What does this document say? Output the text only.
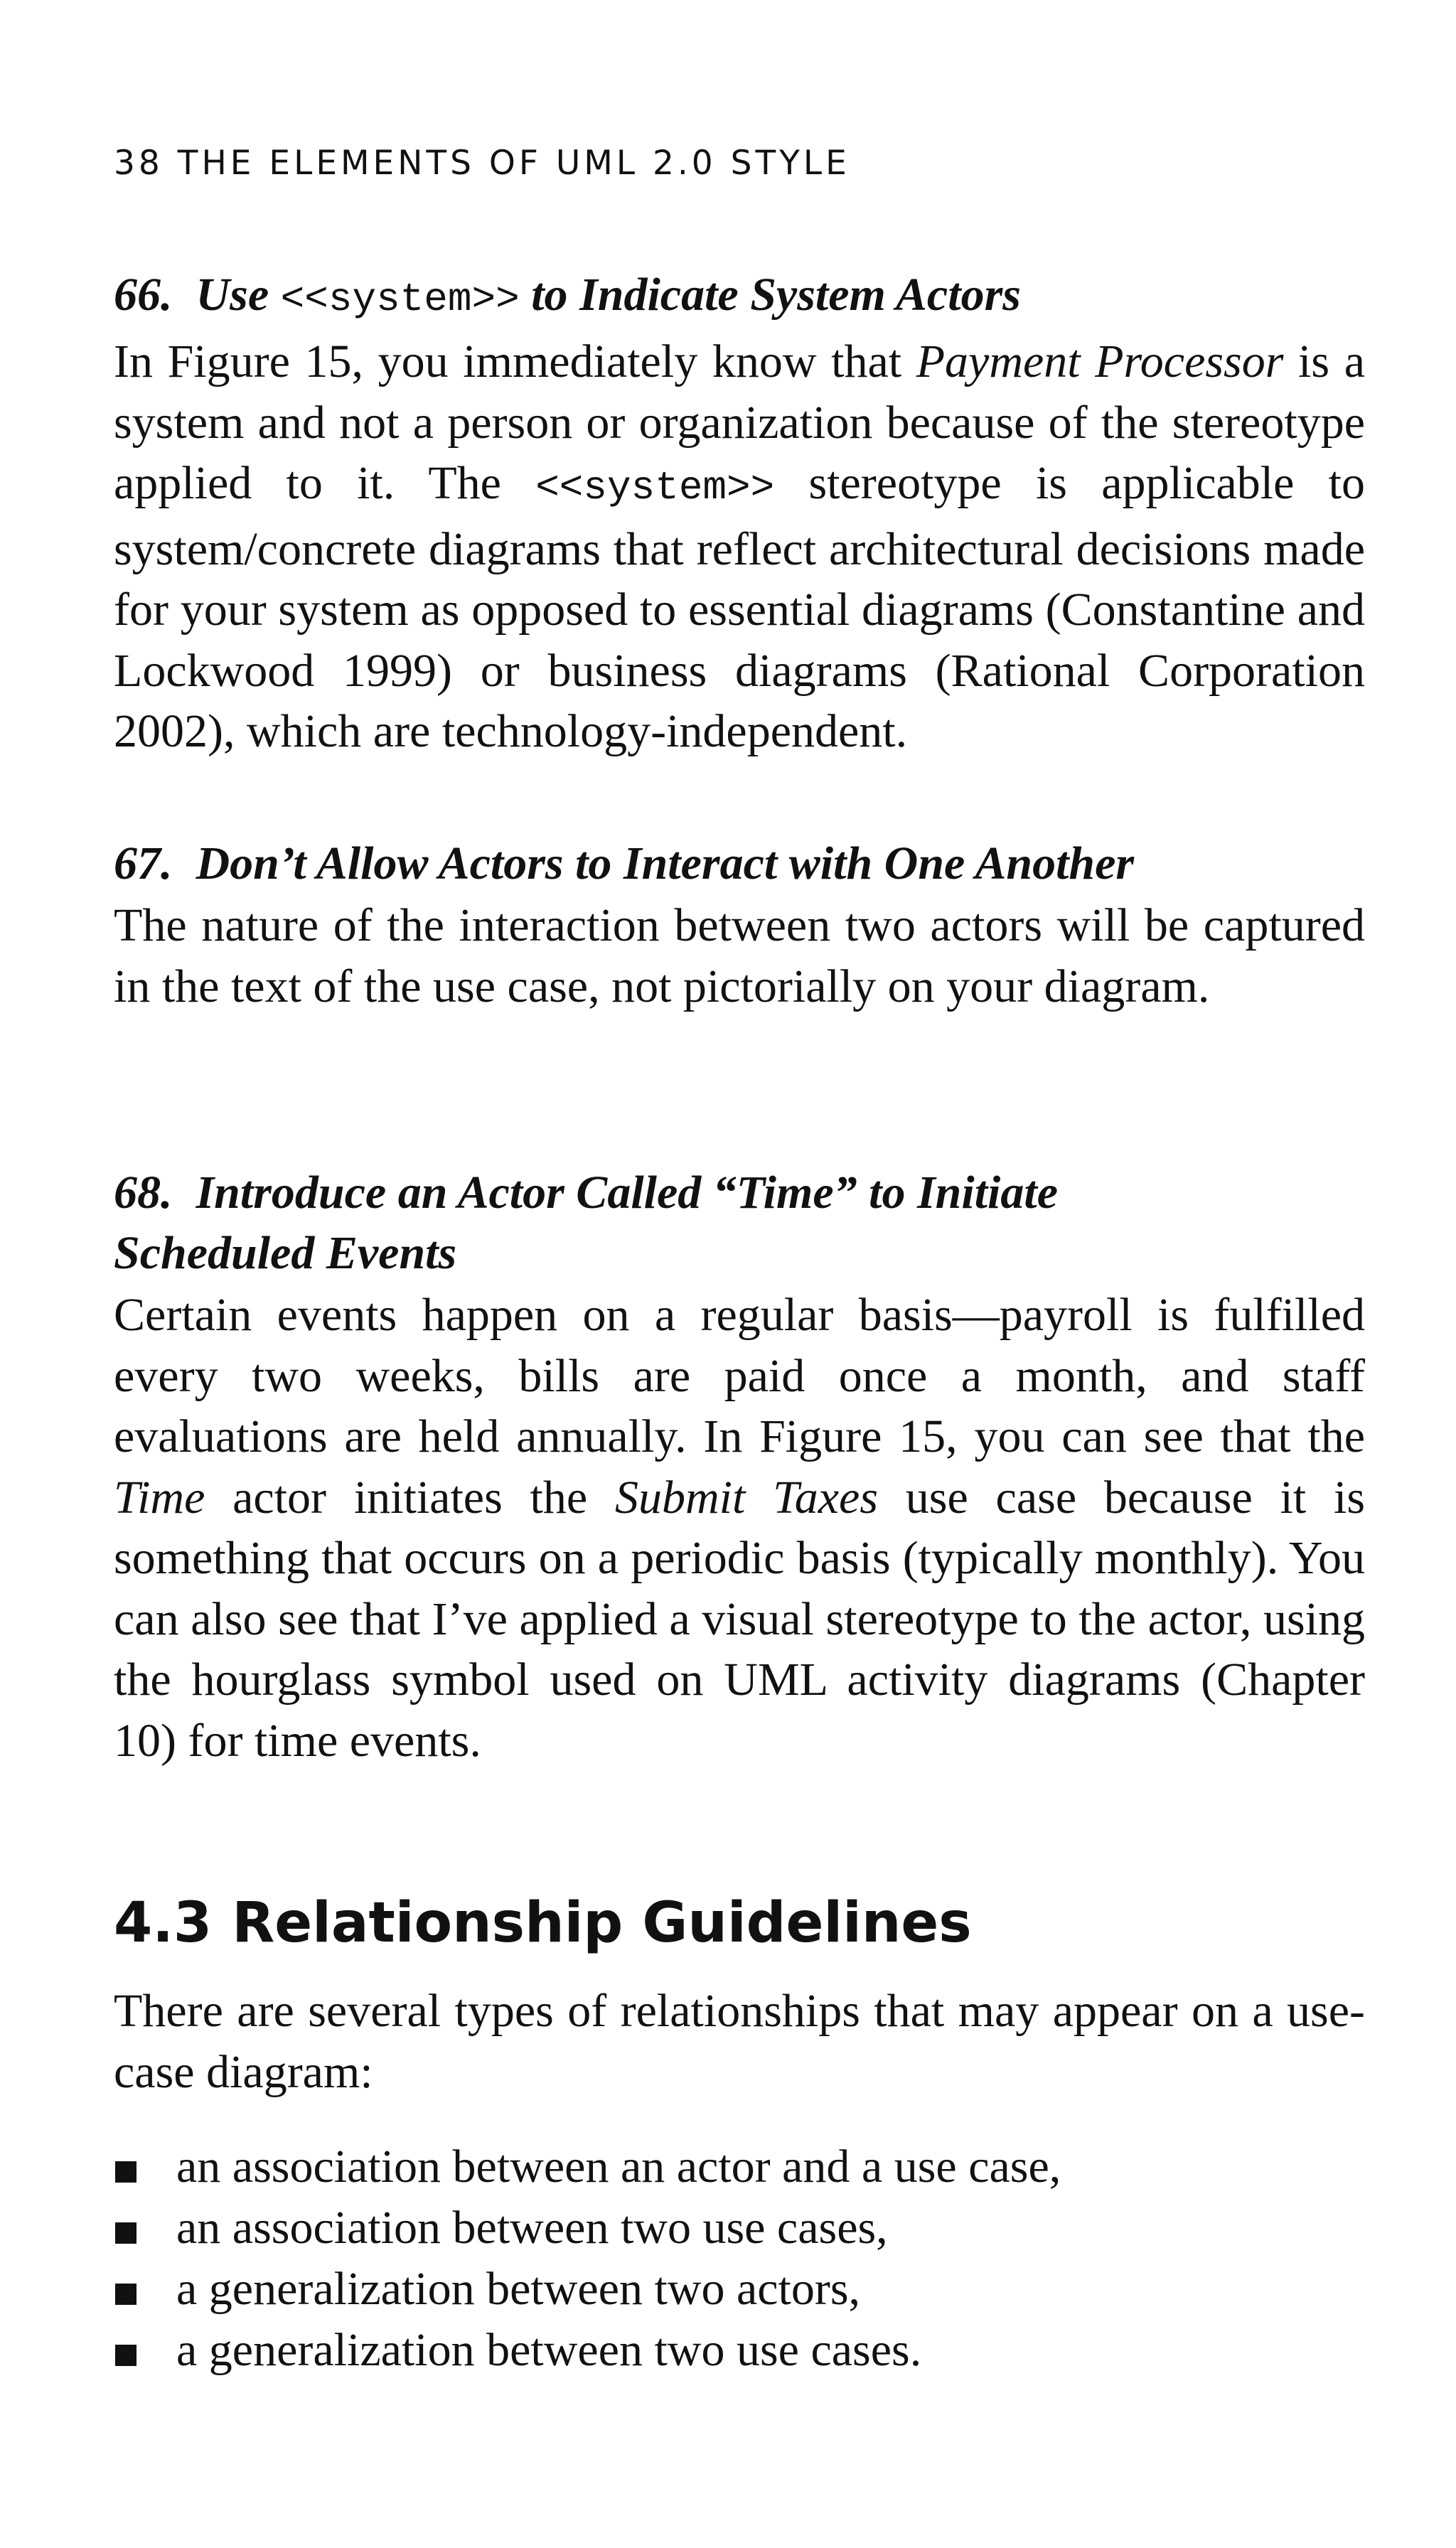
38 THE ELEMENTS OF UML 2.0 STYLE
66. Use <<system>> to Indicate System Actors

In Figure 15, you immediately know that Payment Processor is a system and not a person or organization because of the stereotype applied to it. The <<system>> stereotype is applicable to system/concrete diagrams that reflect architectural decisions made for your system as opposed to essential diagrams (Constantine and Lockwood 1999) or business diagrams (Rational Corporation 2002), which are technology-independent.

67. Don’t Allow Actors to Interact with One Another

The nature of the interaction between two actors will be captured in the text of the use case, not pictorially on your diagram.

68. Introduce an Actor Called “Time” to Initiate
Scheduled Events

Certain events happen on a regular basis—payroll is fulfilled every two weeks, bills are paid once a month, and staff evaluations are held annually. In Figure 15, you can see that the Time actor initiates the Submit Taxes use case because it is something that occurs on a periodic basis (typically monthly). You can also see that I’ve applied a visual stereotype to the actor, using the hourglass symbol used on UML activity diagrams (Chapter 10) for time events.

4.3 Relationship Guidelines

There are several types of relationships that may appear on a use-case diagram:

an association between an actor and a use case,
an association between two use cases,
a generalization between two actors,
a generalization between two use cases.
